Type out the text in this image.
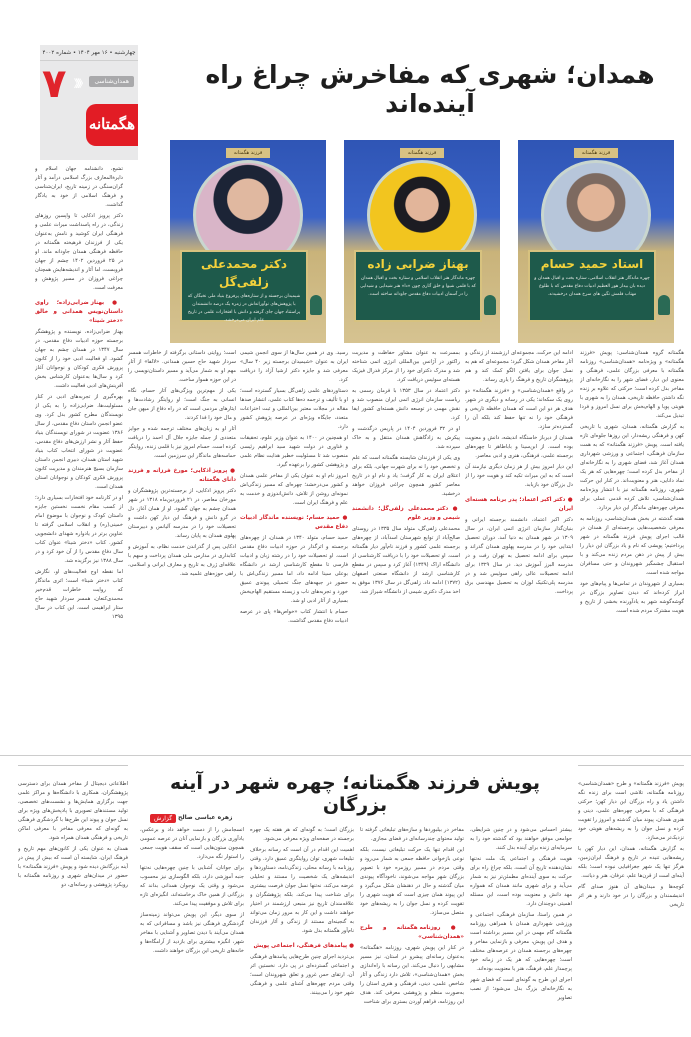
چهارشنبه • ۱۶ مهر ۱۴۰۴ • شماره ۴۰۰۲
۷ 《《《	همدان‌شناسی
هگمتانه
همدان؛ شهری که مفاخرش چراغ راه آینده‌اند
فرزند هگمتانه
استاد حمید حسام
چهره ماندگار هنر انقلاب اسلامی، ستاره بخت و اقبال همدان و دیده بان بیدار هور العظیم ادبیات دفاع مقدس که با طلوع مهتاب قلمش نگین های سرخ همدان درخشیدند.
فرزند هگمتانه
بهناز ضرابی زاده
چهره ماندگار هنر انقلاب اسلامی و ستاره بخت و اقبال همدان که با قلمی شیوا و خلق آثاری چون «دا» هنر شیدایی و شیدایی را در آسمان ادبیات دفاع مقدس جاودانه ساخته است.
فرزند هگمتانه
دکتر محمدعلی زلفی‌گل
شیمیدان برجسته و از ستاره‌های پرفروغ بنیاد ملی نخبگان که با پژوهش‌های نوآورانه‌اش در زمره یک درصد دانشمندان پراستناد جهان جای گرفته و دانش با افتخارات علمی در تاریخ علم ایران می‌درخشد.

هگمتانه گروه همدان‌شناسی: پویش «فرزند هگمتانه» و ویژه‌نامه «همدان‌شناسی» روزنامه هگمتانه با معرفی بزرگان علمی، فرهنگی و معنوی این دیار، فضای شهر را به نگارخانه‌ای از مفاخر بدل کرده است؛ حرکتی که علاوه بر زنده نگه داشتن حافظه تاریخی، همدان را به شهری با هویتی پویا و الهام‌بخش برای نسل امروز و فردا تبدیل می‌کند.

به گزارش هگمتانه، همدان، شهری با تاریخی کهن و فرهنگی ریشه‌دار، این روزها جلوه‌ای تازه یافته است. پویش «فرزند هگمتانه» که به همت سازمان فرهنگی، اجتماعی و ورزشی شهرداری همدان آغاز شد، فضای شهری را به نگارخانه‌ای از مفاخر بدل کرده است؛ چهره‌هایی که هر یک نماد دانایی، هنر و معنویت‌اند. در کنار این حرکت شهری، روزنامه هگمتانه نیز با انتشار ویژه‌نامه همدان‌شناسی، تلاش کرده قدمی عملی برای معرفی چهره‌های ماندگار این دیار بردارد.

هفته گذشته در بخش همدان‌شناسی، روزنامه به معرفی شخصیت‌هایی برجسته‌ای از همدان در قالب اجرای پویش فرزند هگمتانه در شهر پرداختیم؛ پویشی که نام و یاد بزرگان این دیار را بیش از پیش در ذهن مردم زنده می‌کند و با استقبال چشمگیر شهروندان و حتی مسافران مواجه شده است.

بسیاری از شهروندان در تماس‌ها و پیام‌های خود ابراز کرده‌اند که دیدن تصاویر بزرگان در گوشه‌گوشه شهر به یادآورنده بخشی از تاریخ و هویت مشترک مردم شده است.

ادامه این حرکت، مجموعه‌ای ارزشمند از زندگی و آثار مفاخر همدان شکل گیرد؛ مجموعه‌ای که هم به نسل جوان برای یافتن الگو کمک کند و هم پژوهشگران تاریخ و فرهنگ را یاری رساند.

در واقع «همدان‌شناسی» و «فرزند هگمتانه» دو روی یک سکه‌اند؛ یکی در رسانه و دیگری در شهر. هدف هر دو این است که همدان حافظه تاریخی و فرهنگی خود را نه تنها حفظ کند بلکه آن را گسترده‌تر سازد.

همدان از دیرباز خاستگاه اندیشه، دانش و معنویت بوده است. از ابن‌سینا و باباطاهر تا چهره‌های برجسته علمی، فرهنگی، هنری و ادبی معاصر.

این دیار امروز بیش از هر زمان دیگری نیازمند آن است که به این میراث تکیه کند و هویت خود را از دل بزرگان خود بازیابد.

● دکتر اکبر اعتماد؛ پدر برنامه هسته‌ای ایران

دکتر اکبر اعتماد، دانشمند برجسته ایرانی و بنیان‌گذار سازمان انرژی اتمی ایران، در سال ۱۳۰۹ در شهر همدان به دنیا آمد. دوران تحصیل ابتدایی خود را در مدرسه پهلوی همدان گذراند و سپس برای ادامه تحصیل به تهران رفت و در مدرسه البرز آموزش دید. در سال ۱۳۲۹ برای ادامه تحصیلات عالی راهی سوئیس شد و در مدرسه پلی‌تکنیک لوزان به تحصیل مهندسی برق پرداخت.

بمسرعت به عنوان مشاور حفاظت و مدیریت راکتور در آژانس بین‌المللی انرژی اتمی شناخته شد و مدرک دکترای خود را از مرکز فدرال فیزیک هسته‌ای سوئیس دریافت کرد.

دکتر اعتماد در سال ۱۳۵۳ با فرمان رسمی به ریاست سازمان انرژی اتمی ایران منصوب شد و نقش مهمی در توسعه دانش هسته‌ای کشور ایفا کرد.

او در ۳۲ فروردین ۱۴۰۴ در پاریس درگذشت و پیکرش به زادگاهش همدان منتقل و به خاک سپرده شد.

وی یکی از فرزندان شایسته هگمتانه است که علم و تخصص خود را نه برای شهرت جهانی، بلکه برای اعتلای ایران به کار گرفت؛ یاد و نام او در تاریخ معاصر کشور همچون چراغی فروزان خواهد درخشید.

● دکتر محمدعلی زلفی‌گل؛ دانشمند شیمی و وزیر علوم

محمدعلی زلفی‌گل، متولد سال ۱۳۳۵ در روستای صالح‌آباد از توابع شهرستان اسدآباد، از چهره‌های برجسته علمی کشور و فرزند نام‌آور دیار هگمتانه است. او تحصیلات خود را با دریافت کارشناسی از دانشگاه اراک (۱۳۴۹) آغاز کرد و سپس در مقطع کارشناسی ارشد از دانشگاه صنعتی اصفهان (۱۳۷۲) ادامه داد. زلفی‌گل در سال ۱۳۷۶ موفق به اخذ مدرک دکتری شیمی از دانشگاه شیراز شد.

رسید. وی در همین سال‌ها از سوی انجمن شیمی ایران به عنوان «شیمیدان برجسته زیر ۴۰ سال» معرفی شد و جایزه دکتر ارشیا آزاد را دریافت کرد.

دستاوردهای علمی زلفی‌گل بسیار گسترده است؛ او با تألیف و ترجمه ده‌ها کتاب علمی، انتشار صدها مقاله در مجلات معتبر بین‌المللی و ثبت اختراعات متعدد، جایگاه ویژه‌ای در عرصه پژوهش کشور دارد.

او همچنین در ۱۴۰۰ به عنوان وزیر علوم، تحقیقات و فناوری در دولت شهید سید ابراهیم رئیسی منصوب شد تا مسئولیت خطیر هدایت نظام علمی و پژوهشی کشور را برعهده گیرد.

امروز نام او به عنوان یکی از مفاخر علمی همدان و کشور می‌درخشد؛ چهره‌ای که مسیر زندگی‌اش نمونه‌ای روشن از تلاش، دانش‌اندوزی و خدمت به علم و فرهنگ ایران است.

● حمید حسام؛ نویسنده ماندگار ادبیات دفاع مقدس

حمید حسام، متولد ۱۳۴۰ در همدان، از چهره‌های برجسته و اثرگذار در حوزه ادبیات دفاع مقدس است. او تحصیلات خود را در رشته زبان و ادبیات فارسی تا مقطع کارشناسی ارشد در دانشگاه بوعلی سینا ادامه داد، اما مسیر زندگی‌اش با حضور در جبهه‌های جنگ تحمیلی پیوندی عمیق خورد و تجربه‌های ناب و زیسته مستقیم الهام‌بخش بسیاری از آثار ادبی او شد.

حسام با انتشار کتاب «خواص‌ها» پای در عرصه ادبیات دفاع مقدس گذاشت.

است؛ روایتی داستانی برگرفته از خاطرات همسر سردار شهید حاج حسین همدانی. «لالفا» از آثار مهم او به شمار می‌آید و مسیر داستان‌نویسی را در این حوزه هموار ساخت.

یکی از مهم‌ترین ویژگی‌های آثار حسام، نگاه انسانی به جنگ است؛ او روایتگر رشادت‌ها و ایثارهای مردمی است که در راه دفاع از میهن جان و مال خود را فدا کردند.

آثار او به زبان‌های مختلف ترجمه شده و جوایز متعددی از جمله جایزه جلال آل احمد را دریافت کرده است. حسام امروز نیز با قلمی زنده، روایتگر حماسه‌های ماندگار این سرزمین است.

● پرویز اذکایی؛ مورخ فرزانه و فرزند دانای هگمتانه

دکتر پرویز اذکایی، از برجسته‌ترین پژوهشگران و مورخان معاصر، در ۲۱ فروردین‌ماه ۱۳۱۸ در شهر همدان چشم به جهان گشود. او از همان آغاز، دل در گرو دانش و فرهنگ این دیار کهن داشت و تحصیلات خود را در مدرسه آلیانس و دبیرستان پهلوی همدان به پایان رساند.

اذکایی پس از گذراندن خدمت نظام، به آموزش و کتابداری در مدارس ملی همدان پرداخت و سهم با علاقه‌ای ژرف به تاریخ و معارف ایرانی و اسلامی، راهی حوزه‌های علمیه شد.

تشیع، دانشنامه جهان اسلام و دایرة‌المعارف بزرگ اسلامی درآمد و آثار گران‌سنگی در زمینه تاریخ، ایران‌شناسی و فرهنگ اسلامی از خود به یادگار گذاشت.

دکتر پرویز اذکایی تا واپسین روزهای زندگی، در راه پاسداشت میراث علمی و فرهنگی ایران کوشید و نامش به‌عنوان یکی از فرزندان فرهیخته هگمتانه در حافظه فرهنگی همدان جاودانه ماند. او در ۲۵ فروردین ۱۴۰۲ چشم از جهان فروبست، اما آثار و اندیشه‌هایش همچنان چراغی فروزان در مسیر پژوهش و معرفت است.

● بهناز ضرابی‌زاده؛ راوی داستان‌نویس همدانی و خالق «دختر شینا»

بهناز ضرابی‌زاده، نویسنده و پژوهشگر برجسته حوزه ادبیات دفاع مقدس، در سال ۱۳۴۷ در همدان چشم به جهان گشود. او فعالیت ادبی خود را از کانون پرورش فکری کودکان و نوجوانان آغاز کرد و سال‌ها به‌عنوان کارشناس بخش آفرینش‌های ادبی فعالیت داشت.

بهره‌گیری از تجربه‌های ادبی در کنار مسئولیت‌ها، ضرابی‌زاده را به یکی از نویسندگان مطرح کشور بدل کرد. وی عضو انجمن داستان دفاع مقدس، از سال ۱۳۸۶ عضویت در شورای نویسندگان بنیاد حفظ آثار و نشر ارزش‌های دفاع مقدس، عضویت در شورای انتخاب کتاب بنیاد شهید استان همدان، دبیری انجمن داستان سازمان بسیج هنرمندان و مدیریت کانون پرورش فکری کودکان و نوجوانان استان همدان است.

او در کارنامه خود افتخارات بسیاری دارد؛ از کسب مقام نخست نخستین جایزه داستان کودک و نوجوان با موضوع امام خمینی(ره) و انقلاب اسلامی گرفته تا عناوین برتر در یادواره شهدای دانشجویی کشور. کتاب «دختر شینا» عنوان کتاب سال دفاع مقدس را از آن خود کرد و در سال ۱۳۸۸ نیز برگزیده شد.

اما نقطه اوج فعالیت‌های او، نگارش کتاب «دختر شینا» است؛ اثری ماندگار که روایت خاطرات قدم‌خیر محمدی‌کنعان، همسر سردار شهید حاج ستار ابراهیمی است. این کتاب در سال ۱۳۹۵

پویش فرزند هگمتانه؛ چهره شهر در آینه بزرگان
گزارش زهره عباسی صالح

پویش «فرزند هگمتانه» و طرح «همدان‌شناسی» روزنامه هگمتانه، تلاشی است برای زنده نگه داشتن یاد و راه بزرگان این دیار کهن؛ حرکتی فرهنگی که با معرفی چهره‌های علمی، دینی و هنری همدان، پیوند میان گذشته و امروز را تقویت کرده و نسل جوان را به ریشه‌های هویتی خود نزدیک‌تر می‌سازد.

به گزارش هگمتانه، همدان، این دیار کهن با ریشه‌هایی تنیده در تاریخ و فرهنگ ایران‌زمین، هرگز تنها یک شهر جغرافیایی نبوده است؛ بلکه آینه‌ای است از قرن‌ها علم، عرفان، هنر و دیانت.

کوچه‌ها و میدان‌های آن هنوز صدای گام اندیشمندان و بزرگان را در خود دارند و هر اثر تاریخی

بیشتر احساس می‌شود و در چنین شرایطی، جوامعی موفق خواهند بود که گذشته خود را به سرمایه‌ای زنده برای آینده بدل کنند.

هویت فرهنگی و اجتماعی یک ملت نه‌تنها نشان‌دهنده تاریخ آن است، بلکه چراغ راه برای حرکت به سوی آینده‌ای مطمئن‌تر نیز به شمار می‌آید و برای شهری مانند همدان که همواره مهد دانش و معنویت بوده است، این مسئله اهمیتی دوچندان دارد.

در همین راستا، سازمان فرهنگی، اجتماعی و ورزشی شهرداری همدان با همراهی روزنامه هگمتانه گام مهمی در این مسیر برداشته است و هدف این پویش، معرفی و بازنمایی مفاخر و چهره‌های برجسته همدان در عرصه‌های مختلف است؛ چهره‌هایی که هر یک در زمانه خود پرچمدار علم، فرهنگ، هنر یا معنویت بوده‌اند.

اجرای این طرح به گونه‌ای است که فضای شهر به نگارخانه‌ای بزرگ بدل می‌شود؛ از نصب تصاویر

مفاخر در بیلبوردها و سازه‌های تبلیغاتی گرفته تا تولید محتوای چندرسانه‌ای در فضای مجازی.

این اقدام تنها یک حرکت تبلیغاتی نیست، بلکه نوعی بازخوانی حافظه جمعی به شمار می‌رود و وقتی مردم در مسیر روزمره خود با تصویر بزرگان شهر مواجه می‌شوند، ناخودآگاه پیوندی میان گذشته و حال در ذهنشان شکل می‌گیرد و این پیوند همان چیزی است که هویت شهری را تقویت کرده و نسل جوان را به ریشه‌های خود متصل می‌سازد.

● روزنامه هگمتانه و طرح «همدان‌شناسی»

در کنار این پویش شهری، روزنامه «هگمتانه» به‌عنوان رسانه‌ای پیشرو در استان، نیز مسیر مشابهی را دنبال می‌کند. این رسانه با راه‌اندازی بخش «همدان‌شناسی»، تلاش دارد زندگی و آثار شاخص علمی، دینی، فرهنگی و هنری استان را به‌صورت منظم و پژوهشی معرفی کند. هدف این روزنامه، فراهم آوردن بستری برای شناخت

بزرگان است؛ به گونه‌ای که هر هفته یک چهره برجسته در صفحه‌ای ویژه معرفی می‌شود.

اهمیت این اقدام در آن است که رسانه برخلاف تبلیغات شهری، توان روایتگری عمیق دارد. وقتی روزنامه با رسانه محلی، زندگی‌نامه، دستاوردها و اندیشه‌های یک شخصیت را مستند و تحلیلی عرضه می‌کند، نه‌تنها نسل جوان فرصت بیشتری برای شناخت پیدا می‌کند، بلکه پژوهشگران و علاقه‌مندان تاریخ نیز منبعی ارزشمند در اختیار خواهند داشت و این کار به مرور زمان می‌تواند به گنجینه‌ای مستند از زندگی و آثار فرزندان نام‌آور هگمتانه بدل شود.

● پیامدهای فرهنگی، اجتماعی پویش

بی‌تردید اجرای چنین طرح‌هایی پیامدهای فرهنگی و اجتماعی گسترده‌ای در پی دارد. نخستین اثر آن، ارتقای حس غرور و تعلق شهروندان است؛ وقتی مردم چهره‌های آشنای علمی و فرهنگی شهر خود را می‌بینند.

انسجامش را از دست خواهد داد و برعکس، یادآوری بزرگان و بازنمایی آنان در عرصه عمومی همچون ستون‌هایی است که سقف هویت جمعی را استوار نگه می‌دارد.

برای جوانان، آشنایی با چنین چهره‌هایی نه‌تنها جنبه آموزشی دارد، بلکه الگوسازی نیز محسوب می‌شود و وقتی یک نوجوان همدانی بداند که بزرگانی از همین خاک برخاسته‌اند، انگیزه‌ای تازه برای تلاش و موفقیت پیدا می‌کند.

از سوی دیگر، این پویش می‌تواند زمینه‌ساز گردشگری فرهنگی نیز باشد و مسافرانی که به همدان می‌آیند با دیدن تصاویر و آشنایی با مفاخر شهر، انگیزه بیشتری برای بازدید از آرامگاه‌ها و خانه‌های تاریخی این بزرگان خواهند داشت.

اطلاعاتی دیجیتال از مفاخر همدان برای دسترسی پژوهشگران، همکاری با دانشگاه‌ها و مراکز علمی جهت برگزاری همایش‌ها و نشست‌های تخصصی، تولید مستندهای تصویری با پادپخش‌های ویژه برای نسل جوان و پیوند این طرح‌ها با گردشگری فرهنگی به گونه‌ای که معرفی مفاخر با معرفی اماکن تاریخی و فرهنگی همدان همراه شود.

همدان به عنوان یکی از کانون‌های مهم تاریخ و فرهنگ ایران، شایسته آن است که بیش از پیش در آینه بزرگانش دیده شود و پویش «فرزند هگمتانه» با حضور در میدان‌های شهری و روزنامه هگمتانه با رویکرد پژوهشی و رسانه‌ای، دو
